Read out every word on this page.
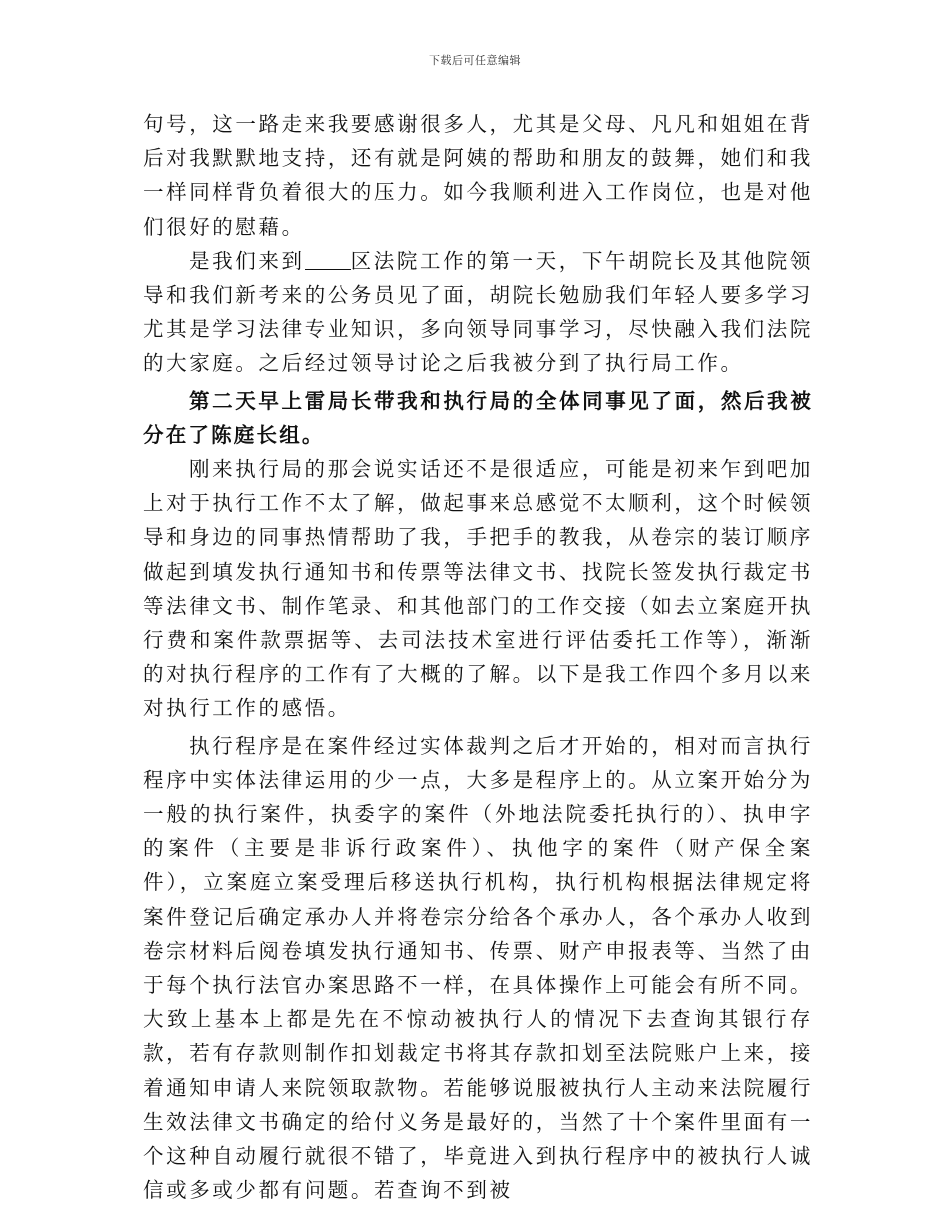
下载后可任意编辑

句号，这一路走来我要感谢很多人，尤其是父母、凡凡和姐姐在背后对我默默地支持，还有就是阿姨的帮助和朋友的鼓舞，她们和我一样同样背负着很大的压力。如今我顺利进入工作岗位，也是对他们很好的慰藉。

是我们来到 区法院工作的第一天，下午胡院长及其他院领导和我们新考来的公务员见了面，胡院长勉励我们年轻人要多学习尤其是学习法律专业知识，多向领导同事学习，尽快融入我们法院的大家庭。之后经过领导讨论之后我被分到了执行局工作。

第二天早上雷局长带我和执行局的全体同事见了面，然后我被分在了陈庭长组。

刚来执行局的那会说实话还不是很适应，可能是初来乍到吧加上对于执行工作不太了解，做起事来总感觉不太顺利，这个时候领导和身边的同事热情帮助了我，手把手的教我，从卷宗的装订顺序做起到填发执行通知书和传票等法律文书、找院长签发执行裁定书等法律文书、制作笔录、和其他部门的工作交接（如去立案庭开执行费和案件款票据等、去司法技术室进行评估委托工作等），渐渐的对执行程序的工作有了大概的了解。以下是我工作四个多月以来对执行工作的感悟。

执行程序是在案件经过实体裁判之后才开始的，相对而言执行程序中实体法律运用的少一点，大多是程序上的。从立案开始分为一般的执行案件，执委字的案件（外地法院委托执行的）、执申字的案件（主要是非诉行政案件）、执他字的案件（财产保全案件），立案庭立案受理后移送执行机构，执行机构根据法律规定将案件登记后确定承办人并将卷宗分给各个承办人，各个承办人收到卷宗材料后阅卷填发执行通知书、传票、财产申报表等、当然了由于每个执行法官办案思路不一样，在具体操作上可能会有所不同。大致上基本上都是先在不惊动被执行人的情况下去查询其银行存款，若有存款则制作扣划裁定书将其存款扣划至法院账户上来，接着通知申请人来院领取款物。若能够说服被执行人主动来法院履行生效法律文书确定的给付义务是最好的，当然了十个案件里面有一个这种自动履行就很不错了，毕竟进入到执行程序中的被执行人诚信或多或少都有问题。若查询不到被
